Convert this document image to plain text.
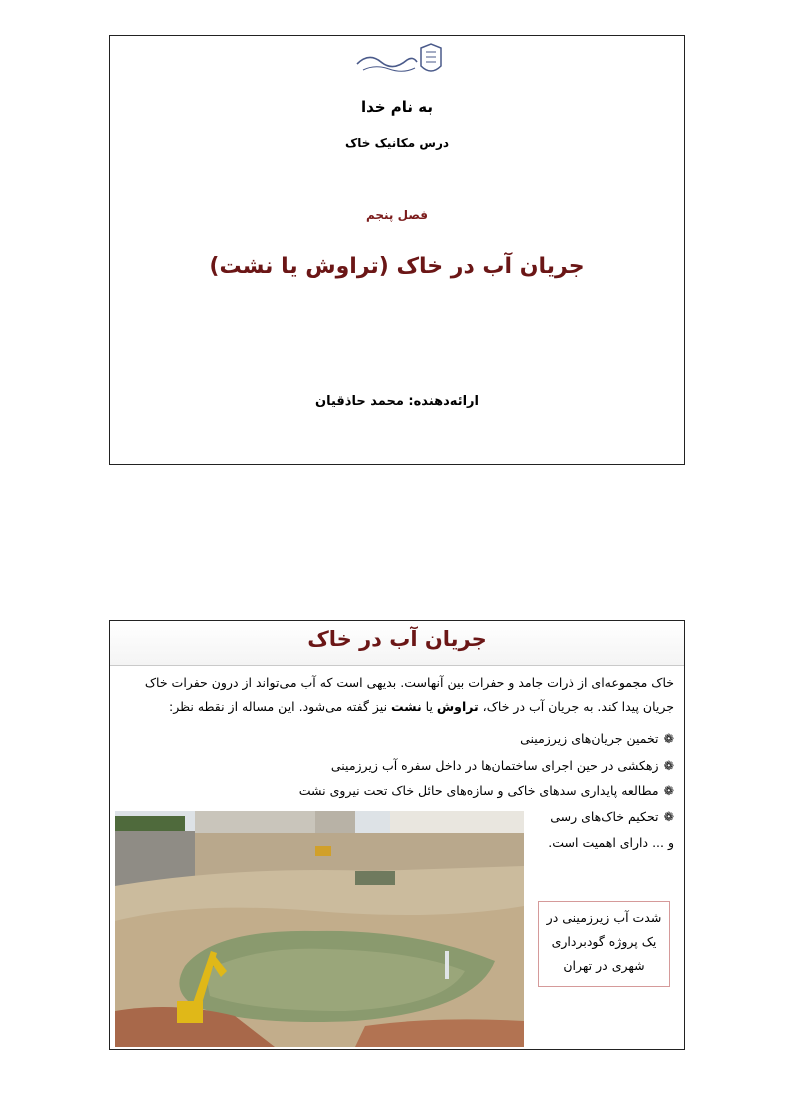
به نام خدا
درس مکانیک خاک
فصل پنجم
جریان آب در خاک (تراوش یا نشت)
ارائه‌دهنده: محمد حاذقیان
جریان آب در خاک
خاک مجموعه‌ای از ذرات جامد و حفرات بین آنهاست. بدیهی است که آب می‌تواند از درون حفرات خاک جریان پیدا کند. به جریان آب در خاک، تراوش یا نشت نیز گفته می‌شود. این مساله از نقطه نظر:
❁تخمین جریان‌های زیرزمینی
❁زهکشی در حین اجرای ساختمان‌ها در داخل سفره آب زیرزمینی
❁مطالعه پایداری سدهای خاکی و سازه‌های حائل خاک تحت نیروی نشت
❁تحکیم خاک‌های رسی
و ... دارای اهمیت است.
شدت آب زیرزمینی در
یک پروژه گودبرداری
شهری در تهران
